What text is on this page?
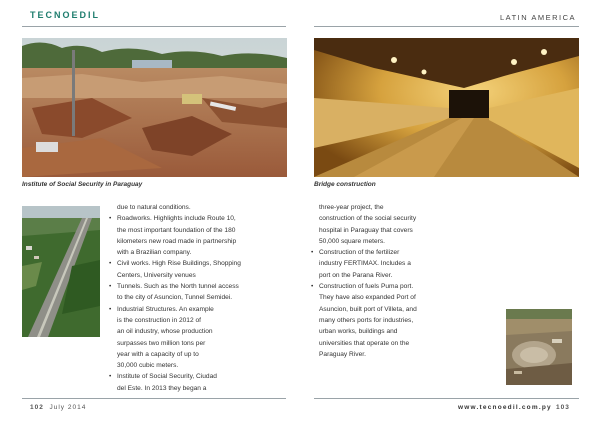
TECNOEDIL	LATIN AMERICA
Institute of Social Security in Paraguay	Bridge construction

due to natural conditions.

• Roadworks. Highlights include Route 10,

the most important foundation of the 180

kilometers new road made in partnership

with a Brazilian company.

• Civil works. High Rise Buildings, Shopping

Centers, University venues

• Tunnels. Such as the North tunnel access

to the city of Asuncion, Tunnel Semidei.

• Industrial Structures. An example

is the construction in 2012 of

an oil industry, whose production

surpasses two million tons per

year with a capacity of up to

30,000 cubic meters.

• Institute of Social Security, Ciudad

del Este. In 2013 they began a

three-year project, the

construction of the social security

hospital in Paraguay that covers

50,000 square meters.

• Construction of the fertilizer

industry FERTIMAX. Includes a

port on the Parana River.

• Construction of fuels Puma port.

They have also expanded Port of

Asuncion, built port of Villeta, and

many others ports for industries,

urban works, buildings and

universities that operate on the

Paraguay River.

102 July 2014	www.tecnoedil.com.py 103
